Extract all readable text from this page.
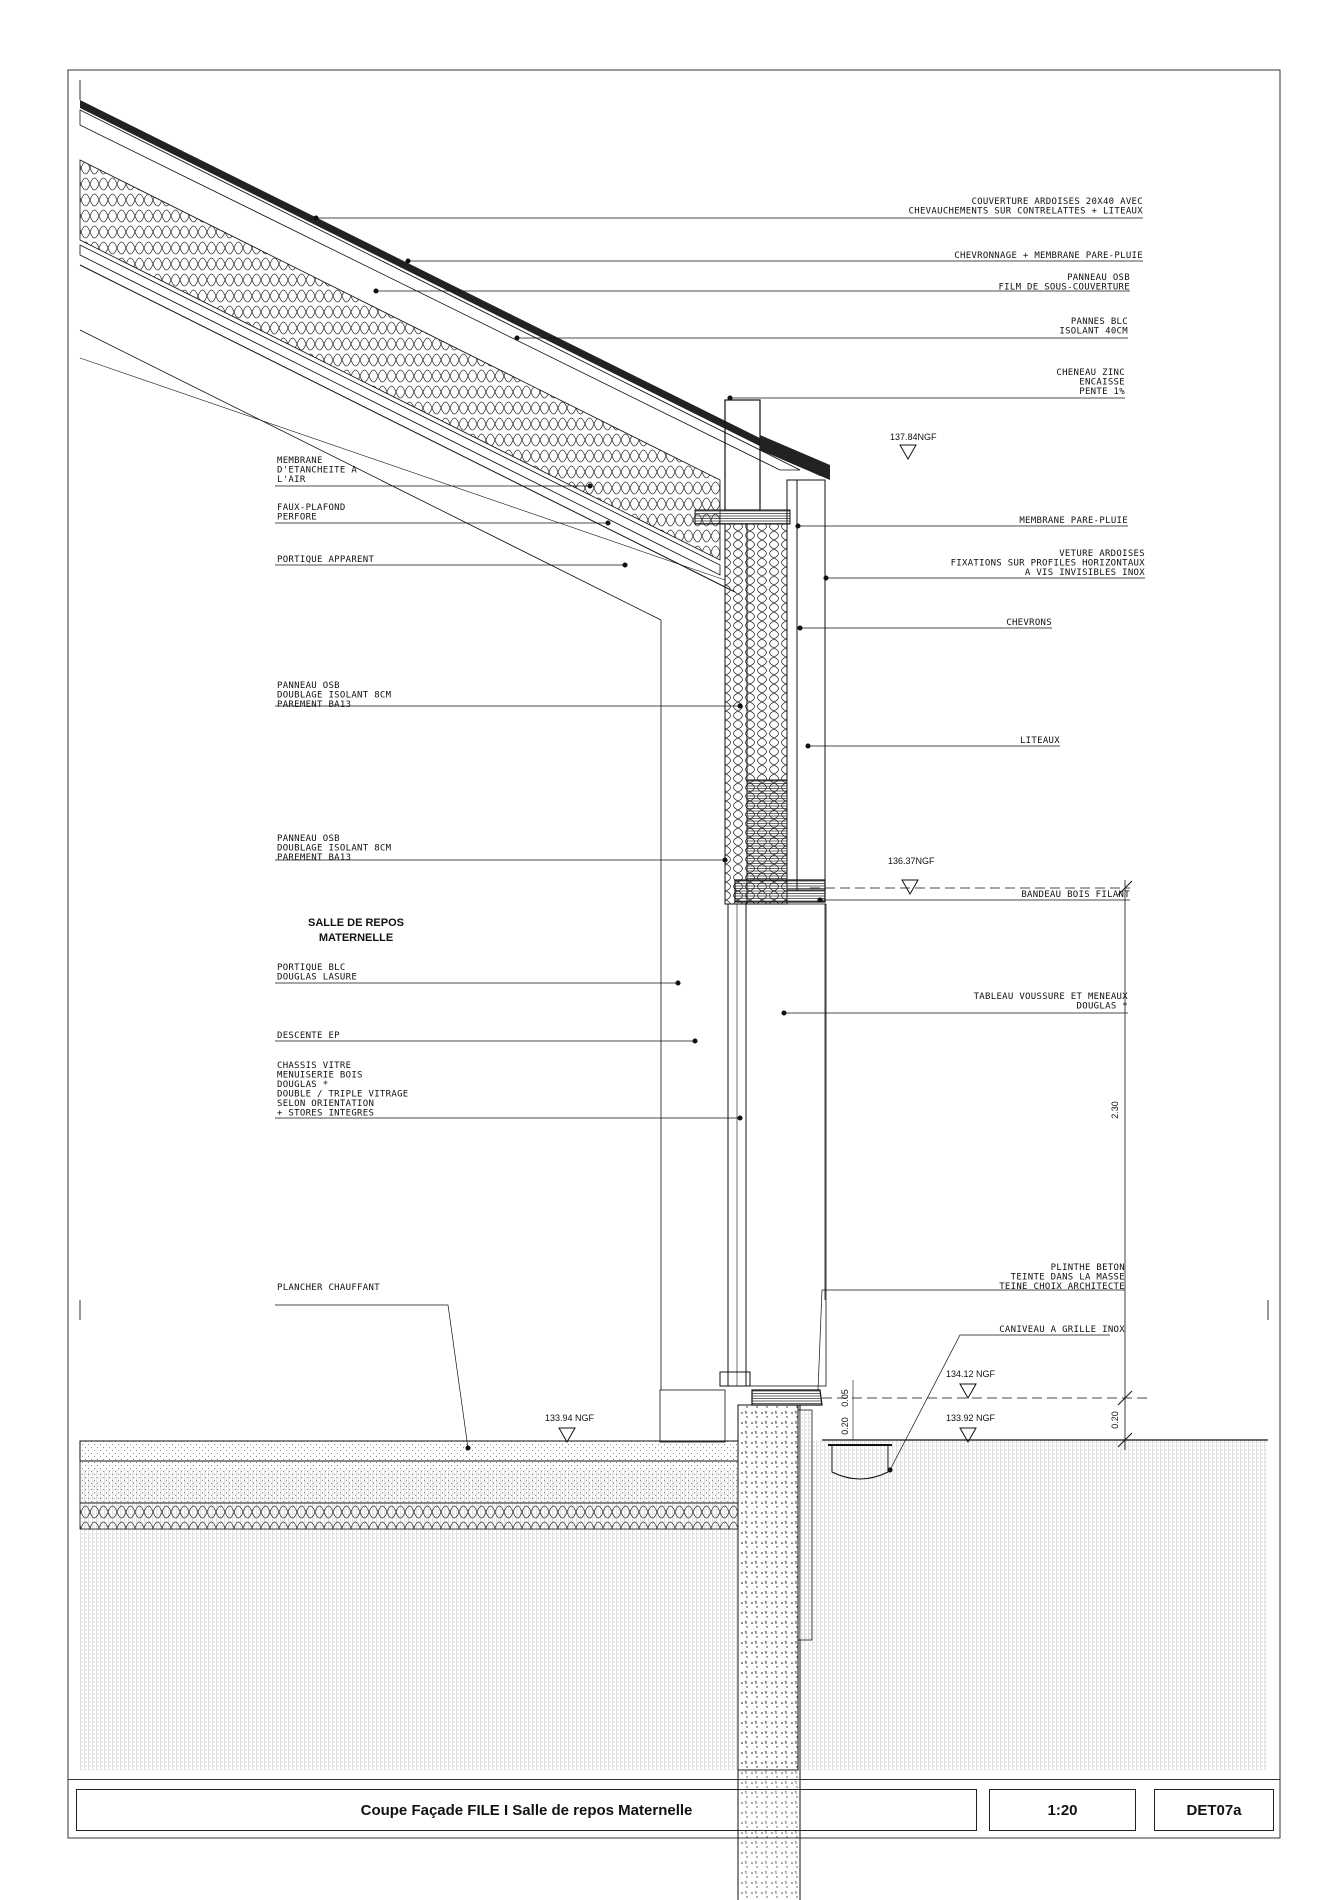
COUVERTURE ARDOISES 20X40 AVEC
CHEVAUCHEMENTS SUR CONTRELATTES + LITEAUX
CHEVRONNAGE + MEMBRANE PARE-PLUIE
PANNEAU OSB
FILM DE SOUS-COUVERTURE
PANNES BLC
ISOLANT 40CM
CHENEAU ZINC
ENCAISSE
PENTE 1%
MEMBRANE PARE-PLUIE
VETURE ARDOISES
FIXATIONS SUR PROFILES HORIZONTAUX
A VIS INVISIBLES INOX
CHEVRONS
LITEAUX
BANDEAU BOIS FILANT
TABLEAU VOUSSURE ET MENEAUX
DOUGLAS *
PLINTHE BETON
TEINTE DANS LA MASSE
TEINE CHOIX ARCHITECTE
CANIVEAU A GRILLE INOX
MEMBRANE
D'ETANCHEITE A
L'AIR
FAUX-PLAFOND
PERFORE
PORTIQUE APPARENT
PANNEAU OSB
DOUBLAGE ISOLANT 8CM
PAREMENT BA13
PANNEAU OSB
DOUBLAGE ISOLANT 8CM
PAREMENT BA13
PORTIQUE BLC
DOUGLAS LASURE
DESCENTE EP
CHASSIS VITRE
MENUISERIE BOIS
DOUGLAS *
DOUBLE / TRIPLE VITRAGE
SELON ORIENTATION
+ STORES INTEGRES
PLANCHER CHAUFFANT
SALLE DE REPOS
MATERNELLE
137.84NGF
136.37NGF
133.94 NGF
134.12 NGF
133.92 NGF
2.30
0.20
0.20
0.05
Coupe Façade FILE I Salle de repos Maternelle	1:20	DET07a
